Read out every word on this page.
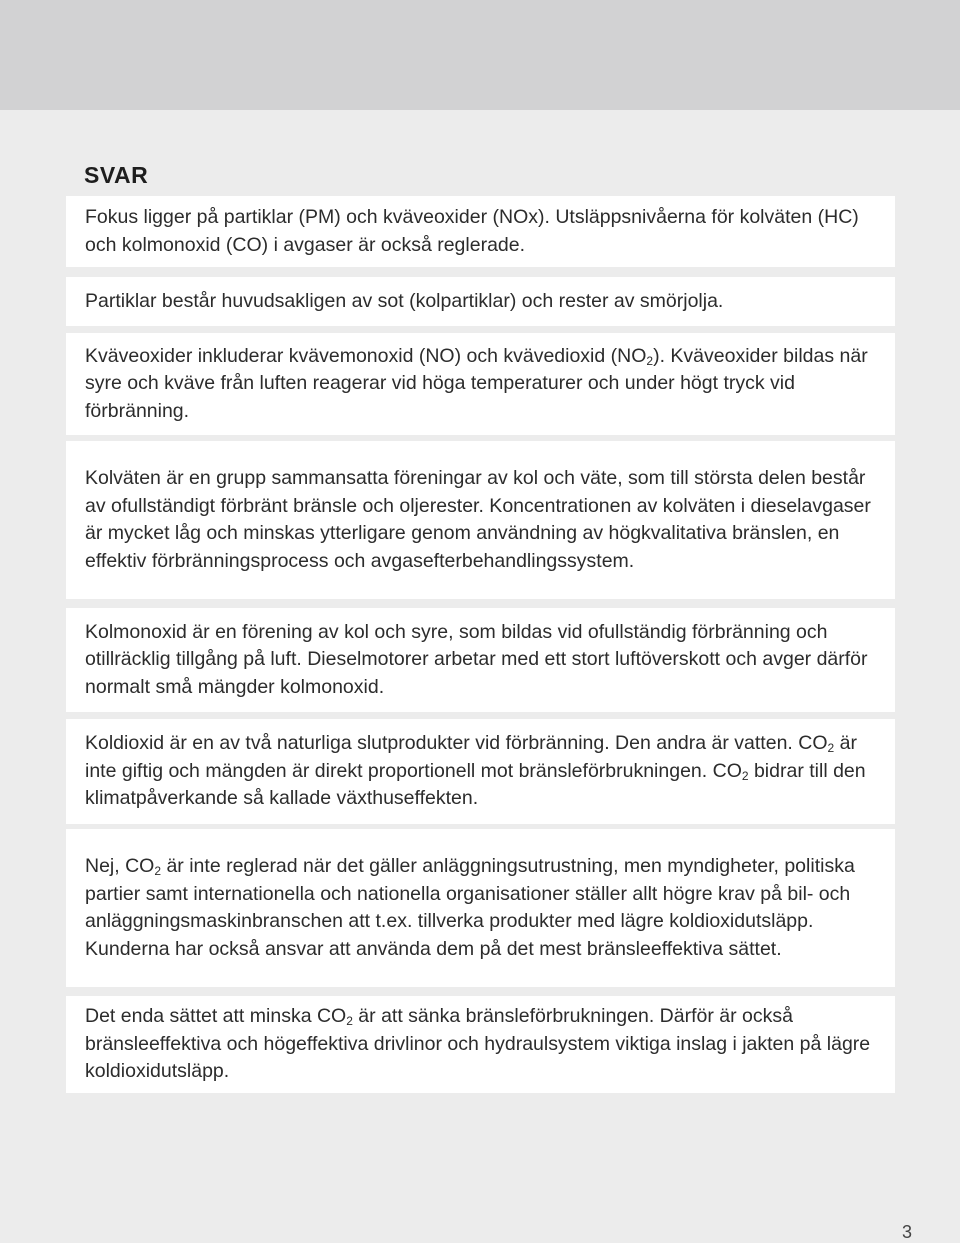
SVAR

Fokus ligger på partiklar (PM) och kväveoxider (NOx). Utsläppsnivåerna för kolväten (HC) och kolmonoxid (CO) i avgaser är också reglerade.

Partiklar består huvudsakligen av sot (kolpartiklar) och rester av smörjolja.

Kväveoxider inkluderar kvävemonoxid (NO) och kvävedioxid $(NO_2)$. Kväveoxider bildas när syre och kväve från luften reagerar vid höga temperaturer och under högt tryck vid förbränning.

Kolväten är en grupp sammansatta föreningar av kol och väte, som till största delen består av ofullständigt förbränt bränsle och oljerester. Koncentrationen av kolväten i dieselavgaser är mycket låg och minskas ytterligare genom användning av högkvalitativa bränslen, en effektiv förbränningsprocess och avgasefterbehandlingssystem.

Kolmonoxid är en förening av kol och syre, som bildas vid ofullständig förbränning och otillräcklig tillgång på luft. Dieselmotorer arbetar med ett stort luftöverskott och avger därför normalt små mängder kolmonoxid.

Koldioxid är en av två naturliga slutprodukter vid förbränning. Den andra är vatten. $CO_2$ är inte giftig och mängden är direkt proportionell mot bränsleförbrukningen. $CO_2$ bidrar till den klimatpåverkande så kallade växthuseffekten.

Nej, $CO_2$ är inte reglerad när det gäller anläggningsutrustning, men myndigheter, politiska partier samt internationella och nationella organisationer ställer allt högre krav på bil- och anläggningsmaskinbranschen att t.ex. tillverka produkter med lägre koldioxidutsläpp. Kunderna har också ansvar att använda dem på det mest bränsleeffektiva sättet.

Det enda sättet att minska $CO_2$ är att sänka bränsleförbrukningen. Därför är också bränsleeffektiva och högeffektiva drivlinor och hydraulsystem viktiga inslag i jakten på lägre koldioxidutsläpp.

3
